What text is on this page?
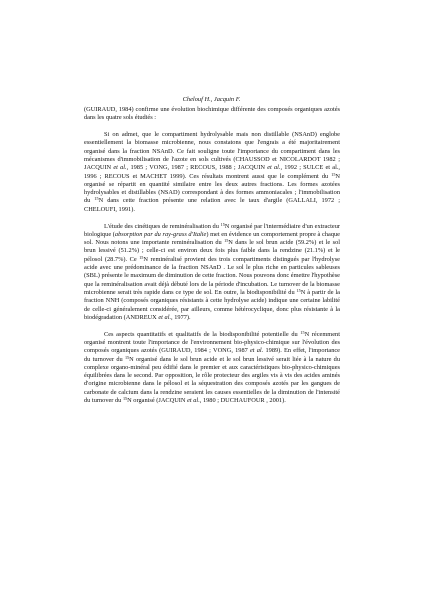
Chelouf H., Jacquin F.

(GUIRAUD, 1984) confirme une évolution biochimique différente des composés organiques azotés dans les quatre sols étudiés :

Si on admet, que le compartiment hydrolysable mais non distillable (NSAnD) englobe essentiellement la biomasse microbienne, nous constatons que l'engrais a été majoritairement organisé dans la fraction NSAnD. Ce fait souligne toute l'importance du compartiment dans les mécanismes d'immobilisation de l'azote en sols cultivés (CHAUSSOD et NICOLARDOT 1982 ; JACQUIN et al., 1985 ; VONG, 1987 ; RECOUS, 1988 ; JACQUIN et al., 1992 ; SULCE et al., 1996 ; RECOUS et MACHET 1999). Ces résultats montrent aussi que le complément du $^{15}$N organisé se répartit en quantité similaire entre les deux autres fractions. Les formes azotées hydrolysables et distillables (NSAD) correspondant à des formes ammoniacales ; l'immobilisation du $^{15}$N dans cette fraction présente une relation avec le taux d'argile (GALLALI, 1972 ; CHELOUFI, 1991).

L'étude des cinétiques de reminéralisation du $^{15}$N organisé par l'intermédiaire d'un extracteur biologique (absorption par du ray-grass d'Italie) met en évidence un comportement propre à chaque sol. Nous notons une importante reminéralisation du $^{15}$N dans le sol brun acide (59.2%) et le sol brun lessivé (51.2%) ; celle-ci est environ deux fois plus faible dans la rendzine (21.1%) et le pélosol (28.7%). Ce $^{15}$N reminéralisé provient des trois compartiments distingués par l'hydrolyse acide avec une prédominance de la fraction NSAnD . Le sol le plus riche en particules sableuses (SBL) présente le maximum de diminution de cette fraction. Nous pouvons donc émettre l'hypothèse que la reminéralisation avait déjà débuté lors de la période d'incubation. Le turnover de la biomasse microbienne serait très rapide dans ce type de sol. En outre, la biodisponibilité du $^{15}$N à partir de la fraction NNH (composés organiques résistants à cette hydrolyse acide) indique une certaine labilité de celle-ci généralement considérée, par ailleurs, comme hétérocyclique, donc plus résistante à la biodégradation (ANDREUX et al., 1977).

Ces aspects quantitatifs et qualitatifs de la biodisponibilité potentielle du $^{15}$N récemment organisé montrent toute l'importance de l'environnement bio-physico-chimique sur l'évolution des composés organiques azotés (GUIRAUD, 1984 ; VONG, 1987 et al. 1989). En effet, l'importance du turnover du $^{15}$N organisé dans le sol brun acide et le sol brun lessivé serait liée à la nature du complexe organo-minéral peu édifié dans le premier et aux caractéristiques bio-physico-chimiques équilibrées dans le second. Par opposition, le rôle protecteur des argiles vis à vis des acides aminés d'origine microbienne dans le pélosol et la séquestration des composés azotés par les gangues de carbonate de calcium dans la rendzine seraient les causes essentielles de la diminution de l'intensité du turnover du $^{15}$N organisé (JACQUIN et al., 1980 ; DUCHAUFOUR , 2001).
